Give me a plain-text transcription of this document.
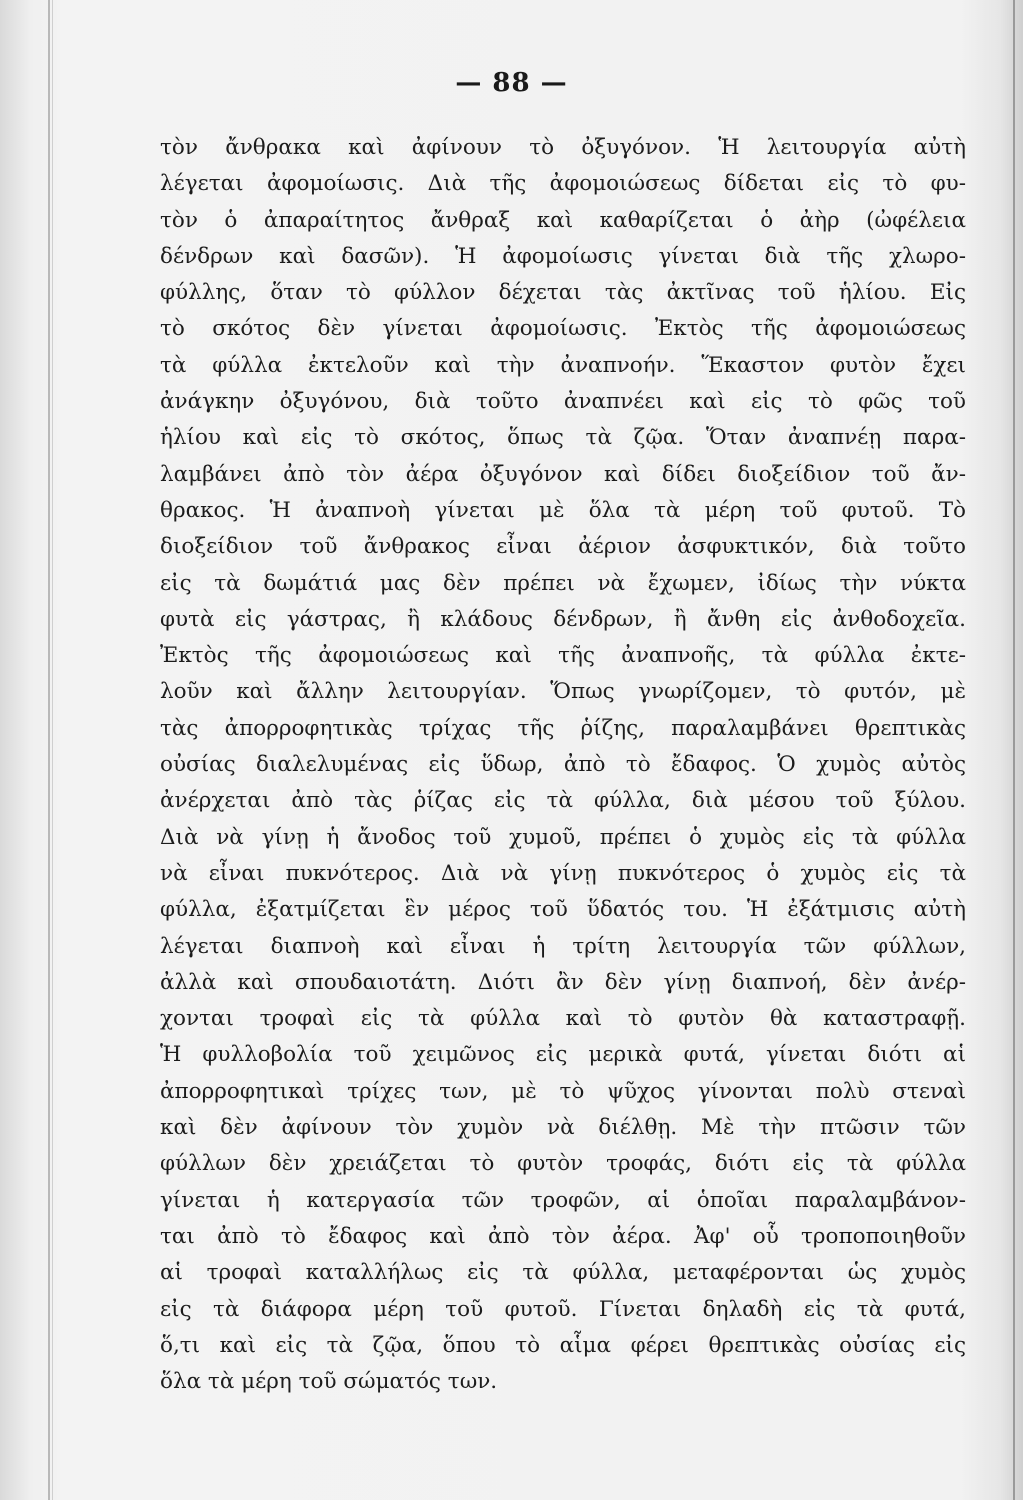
— 88 —
τὸν ἄνθρακα καὶ ἀφίνουν τὸ ὀξυγόνον. Ἡ λειτουργία αὐτὴ
λέγεται ἀφομοίωσις. Διὰ τῆς ἀφομοιώσεως δίδεται εἰς τὸ φυ-
τὸν ὁ ἀπαραίτητος ἄνθραξ καὶ καθαρίζεται ὁ ἀὴρ (ὠφέλεια
δένδρων καὶ δασῶν). Ἡ ἀφομοίωσις γίνεται διὰ τῆς χλωρο-
φύλλης, ὅταν τὸ φύλλον δέχεται τὰς ἀκτῖνας τοῦ ἡλίου. Εἰς
τὸ σκότος δὲν γίνεται ἀφομοίωσις. Ἐκτὸς τῆς ἀφομοιώσεως
τὰ φύλλα ἐκτελοῦν καὶ τὴν ἀναπνοήν. Ἕκαστον φυτὸν ἔχει
ἀνάγκην ὀξυγόνου, διὰ τοῦτο ἀναπνέει καὶ εἰς τὸ φῶς τοῦ
ἡλίου καὶ εἰς τὸ σκότος, ὅπως τὰ ζῷα. Ὅταν ἀναπνέῃ παρα-
λαμβάνει ἀπὸ τὸν ἀέρα ὀξυγόνον καὶ δίδει διοξείδιον τοῦ ἄν-
θρακος. Ἡ ἀναπνοὴ γίνεται μὲ ὅλα τὰ μέρη τοῦ φυτοῦ. Τὸ
διοξείδιον τοῦ ἄνθρακος εἶναι ἀέριον ἀσφυκτικόν, διὰ τοῦτο
εἰς τὰ δωμάτιά μας δὲν πρέπει νὰ ἔχωμεν, ἰδίως τὴν νύκτα
φυτὰ εἰς γάστρας, ἢ κλάδους δένδρων, ἢ ἄνθη εἰς ἀνθοδοχεῖα.
Ἐκτὸς τῆς ἀφομοιώσεως καὶ τῆς ἀναπνοῆς, τὰ φύλλα ἐκτε-
λοῦν καὶ ἄλλην λειτουργίαν. Ὅπως γνωρίζομεν, τὸ φυτόν, μὲ
τὰς ἀπορροφητικὰς τρίχας τῆς ῥίζης, παραλαμβάνει θρεπτικὰς
οὐσίας διαλελυμένας εἰς ὕδωρ, ἀπὸ τὸ ἔδαφος. Ὁ χυμὸς αὐτὸς
ἀνέρχεται ἀπὸ τὰς ῥίζας εἰς τὰ φύλλα, διὰ μέσου τοῦ ξύλου.
Διὰ νὰ γίνῃ ἡ ἄνοδος τοῦ χυμοῦ, πρέπει ὁ χυμὸς εἰς τὰ φύλλα
νὰ εἶναι πυκνότερος. Διὰ νὰ γίνῃ πυκνότερος ὁ χυμὸς εἰς τὰ
φύλλα, ἐξατμίζεται ἓν μέρος τοῦ ὕδατός του. Ἡ ἐξάτμισις αὐτὴ
λέγεται διαπνοὴ καὶ εἶναι ἡ τρίτη λειτουργία τῶν φύλλων,
ἀλλὰ καὶ σπουδαιοτάτη. Διότι ἂν δὲν γίνῃ διαπνοή, δὲν ἀνέρ-
χονται τροφαὶ εἰς τὰ φύλλα καὶ τὸ φυτὸν θὰ καταστραφῇ.
Ἡ φυλλοβολία τοῦ χειμῶνος εἰς μερικὰ φυτά, γίνεται διότι αἱ
ἀπορροφητικαὶ τρίχες των, μὲ τὸ ψῦχος γίνονται πολὺ στεναὶ
καὶ δὲν ἀφίνουν τὸν χυμὸν νὰ διέλθῃ. Μὲ τὴν πτῶσιν τῶν
φύλλων δὲν χρειάζεται τὸ φυτὸν τροφάς, διότι εἰς τὰ φύλλα
γίνεται ἡ κατεργασία τῶν τροφῶν, αἱ ὁποῖαι παραλαμβάνον-
ται ἀπὸ τὸ ἔδαφος καὶ ἀπὸ τὸν ἀέρα. Ἀφ' οὗ τροποποιηθοῦν
αἱ τροφαὶ καταλλήλως εἰς τὰ φύλλα, μεταφέρονται ὡς χυμὸς
εἰς τὰ διάφορα μέρη τοῦ φυτοῦ. Γίνεται δηλαδὴ εἰς τὰ φυτά,
ὅ,τι καὶ εἰς τὰ ζῷα, ὅπου τὸ αἷμα φέρει θρεπτικὰς οὐσίας εἰς
ὅλα τὰ μέρη τοῦ σώματός των.
